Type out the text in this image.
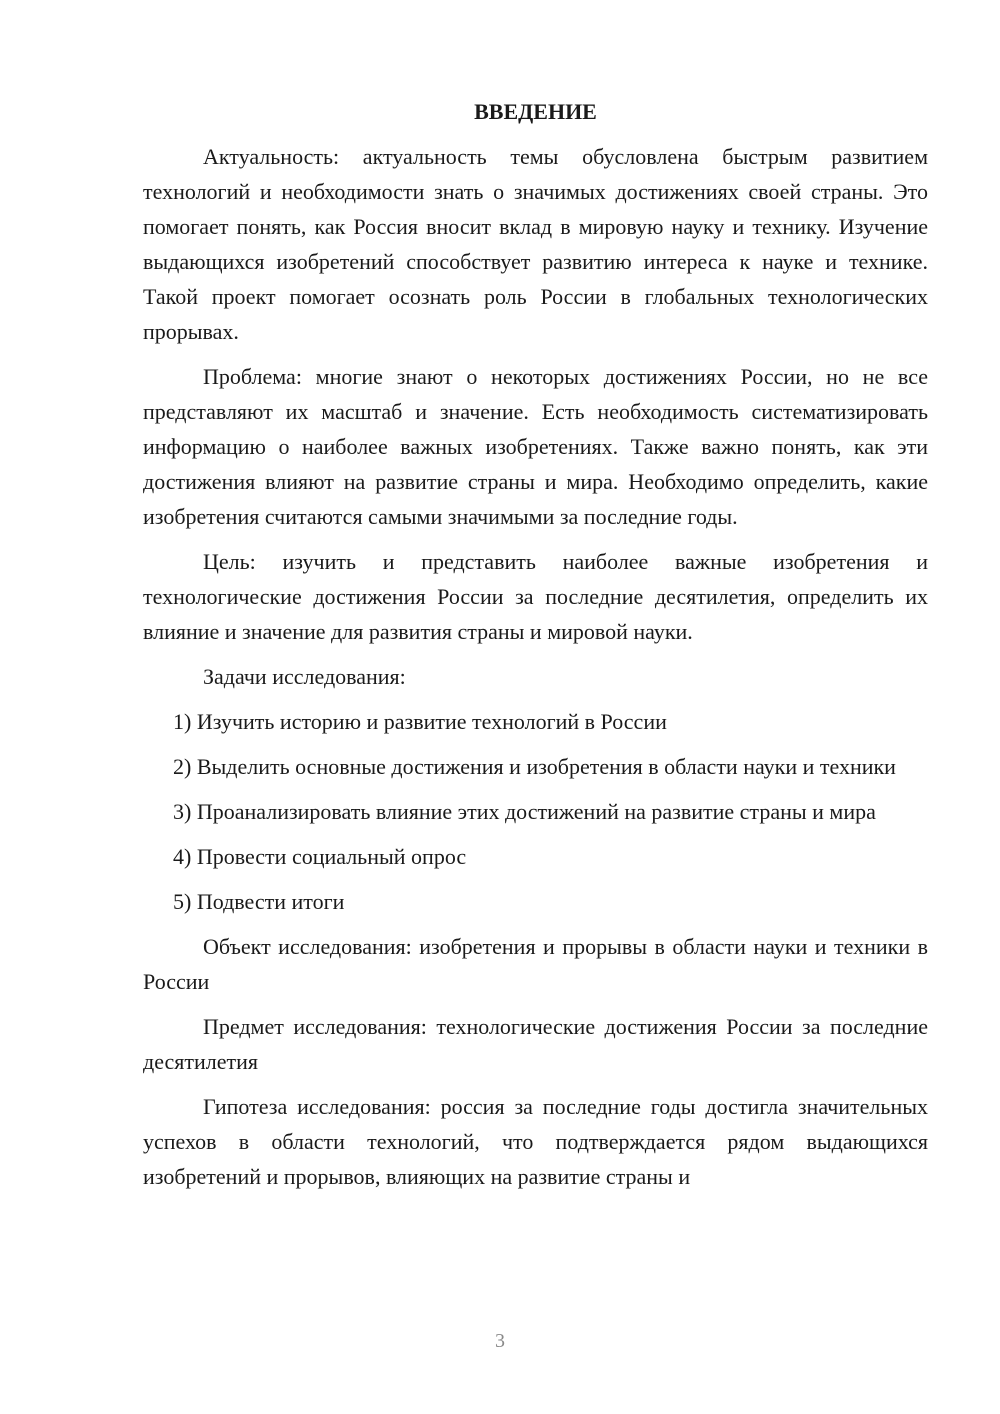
ВВЕДЕНИЕ

Актуальность: актуальность темы обусловлена быстрым развитием технологий и необходимости знать о значимых достижениях своей страны. Это помогает понять, как Россия вносит вклад в мировую науку и технику. Изучение выдающихся изобретений способствует развитию интереса к науке и технике. Такой проект помогает осознать роль России в глобальных технологических прорывах.

Проблема: многие знают о некоторых достижениях России, но не все представляют их масштаб и значение. Есть необходимость систематизировать информацию о наиболее важных изобретениях. Также важно понять, как эти достижения влияют на развитие страны и мира. Необходимо определить, какие изобретения считаются самыми значимыми за последние годы.

Цель: изучить и представить наиболее важные изобретения и технологические достижения России за последние десятилетия, определить их влияние и значение для развития страны и мировой науки.

Задачи исследования:

1) Изучить историю и развитие технологий в России

2) Выделить основные достижения и изобретения в области науки и техники

3) Проанализировать влияние этих достижений на развитие страны и мира

4) Провести социальный опрос

5) Подвести итоги

Объект исследования: изобретения и прорывы в области науки и техники в России

Предмет исследования: технологические достижения России за последние десятилетия

Гипотеза исследования: россия за последние годы достигла значительных успехов в области технологий, что подтверждается рядом выдающихся изобретений и прорывов, влияющих на развитие страны и

3
